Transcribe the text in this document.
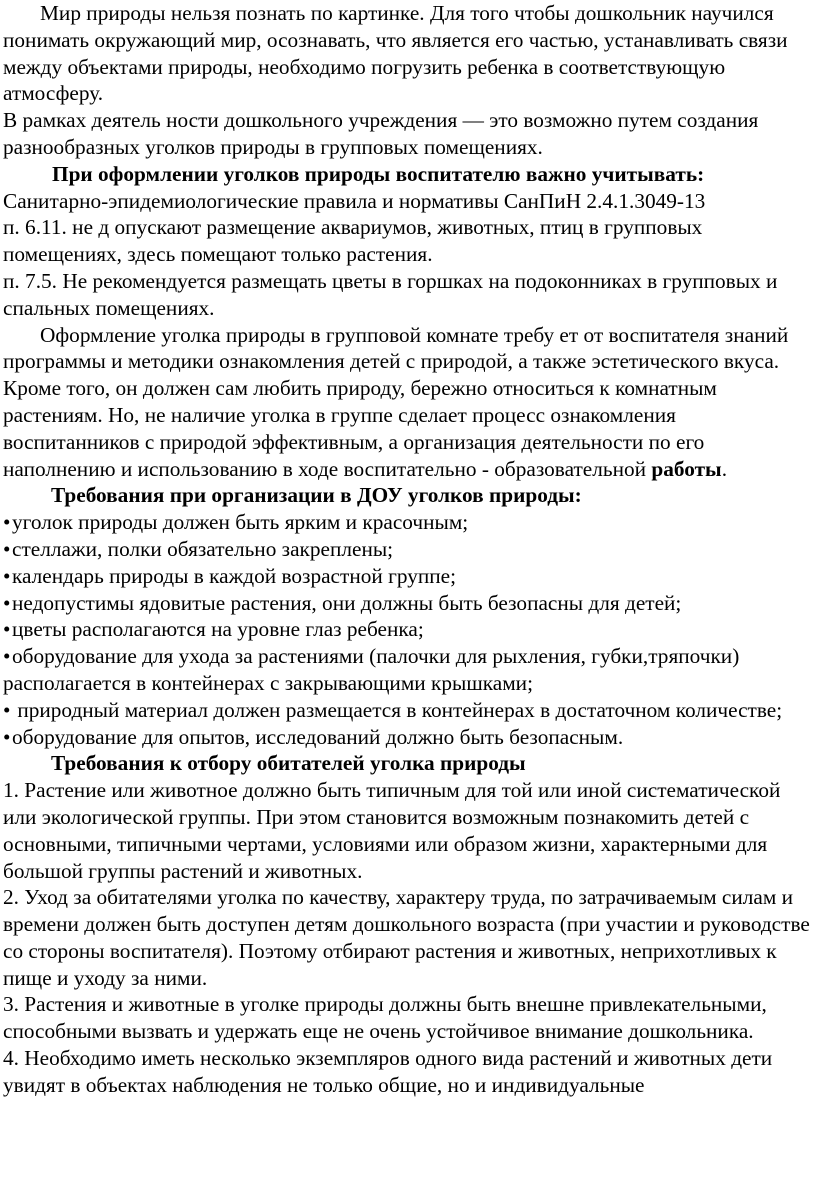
Мир природы нельзя познать по картинке. Для того чтобы дошкольник научился понимать окружающий мир, осознавать, что является его частью, устанавливать связи между объектами природы, необходимо погрузить ребенка в соответствующую атмосферу.

В рамках деятель ности дошкольного учреждения — это возможно путем создания разнообразных уголков природы в групповых помещениях.

При оформлении уголков природы воспитателю важно учитывать:

Санитарно-эпидемиологические правила и нормативы СанПиН 2.4.1.3049-13

п. 6.11. не д опускают размещение аквариумов, животных, птиц в групповых помещениях, здесь помещают только растения.

п. 7.5. Не рекомендуется размещать цветы в горшках на подоконниках в групповых и спальных помещениях.

Оформление уголка природы в групповой комнате требу ет от воспитателя знаний программы и методики ознакомления детей с природой, а также эстетического вкуса. Кроме того, он должен сам любить природу, бережно относиться к комнатным растениям. Но, не наличие уголка в группе сделает процесс ознакомления воспитанников с природой эффективным, а организация деятельности по его наполнению и использованию в ходе воспитательно - образовательной работы.

Требования при организации в ДОУ уголков природы:

•уголок природы должен быть ярким и красочным;

•стеллажи, полки обязательно закреплены;

•календарь природы в каждой возрастной группе;

•недопустимы ядовитые растения, они должны быть безопасны для детей;

•цветы располагаются на уровне глаз ребенка;

•оборудование для ухода за растениями (палочки для рыхления, губки,тряпочки) располагается в контейнерах с закрывающими крышками;

• природный материал должен размещается в контейнерах в достаточном количестве;

•оборудование для опытов, исследований должно быть безопасным.

Требования к отбору обитателей уголка природы

1. Растение или животное должно быть типичным для той или иной систематической или экологической группы. При этом становится возможным познакомить детей с основными, типичными чертами, условиями или образом жизни, характерными для большой группы растений и животных.

2. Уход за обитателями уголка по качеству, характеру труда, по затрачиваемым силам и времени должен быть доступен детям дошкольного возраста (при участии и руководстве со стороны воспитателя). Поэтому отбирают растения и животных, неприхотливых к пище и уходу за ними.

3. Растения и животные в уголке природы должны быть внешне привлекательными, способными вызвать и удержать еще не очень устойчивое внимание дошкольника.

4. Необходимо иметь несколько экземпляров одного вида растений и животных дети увидят в объектах наблюдения не только общие, но и индивидуальные
